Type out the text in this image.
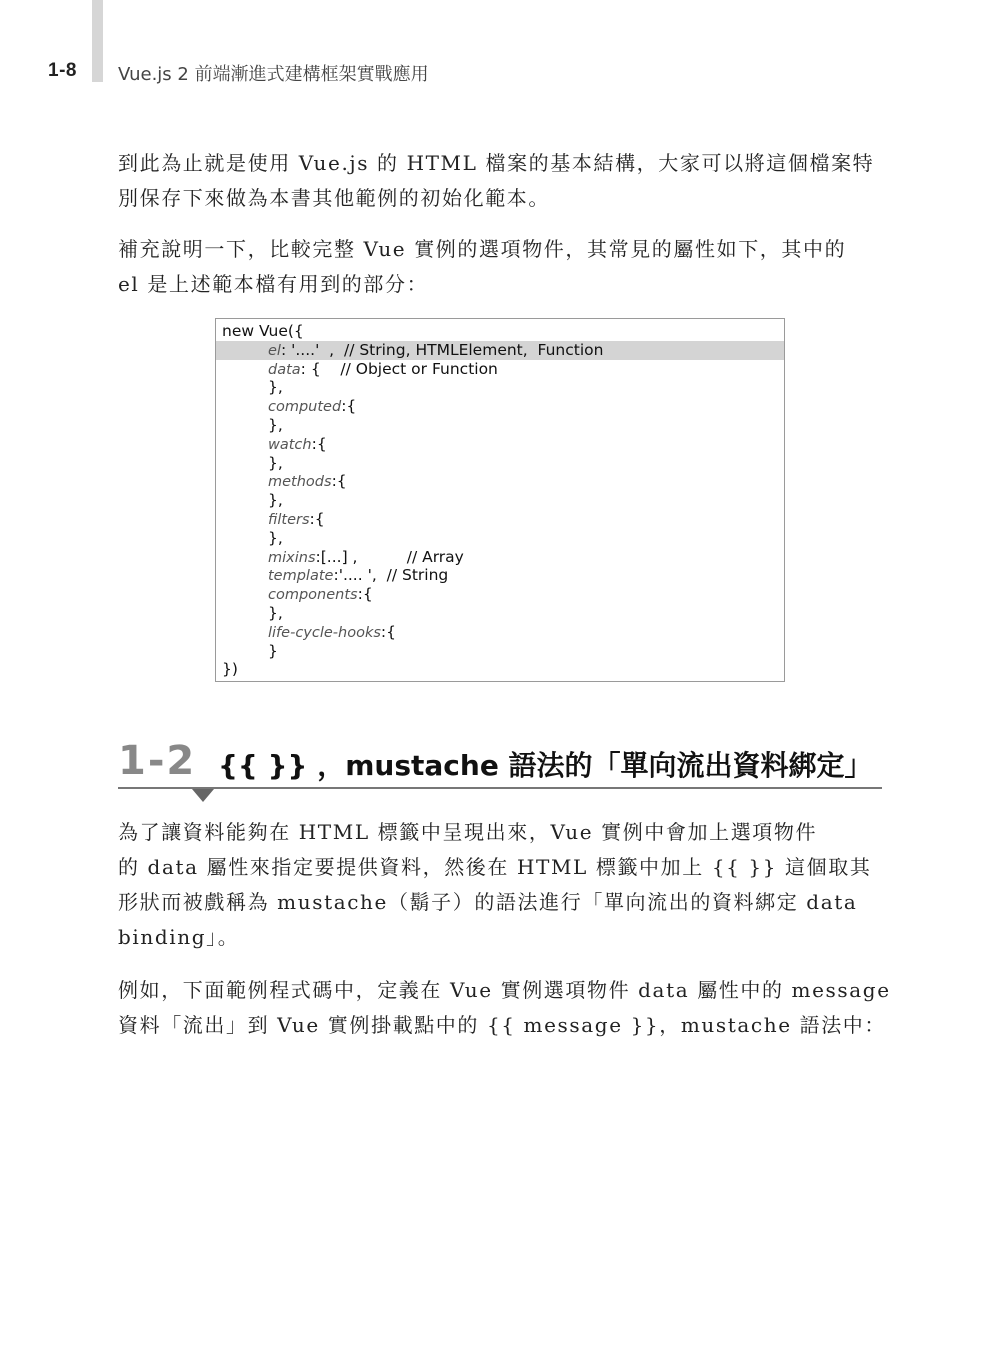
1-8 Vue.js 2 前端漸進式建構框架實戰應用

到此為止就是使用 Vue.js 的 HTML 檔案的基本結構，大家可以將這個檔案特
別保存下來做為本書其他範例的初始化範本。

補充說明一下，比較完整 Vue 實例的選項物件，其常見的屬性如下，其中的
el 是上述範本檔有用到的部分：

new Vue({
el: '....'  ,  // String, HTMLElement,  Function
data: {    // Object or Function
},
computed:{
},
watch:{
},
methods:{
},
filters:{
},
mixins:[...] ,          // Array
template:'.... ',  // String
components:{
},
life-cycle-hooks:{
}
})
1-2 {{ }} ，mustache 語法的「單向流出資料綁定」

為了讓資料能夠在 HTML 標籤中呈現出來，Vue 實例中會加上選項物件
的 data 屬性來指定要提供資料，然後在 HTML 標籤中加上 {{ }} 這個取其
形狀而被戲稱為 mustache（鬍子）的語法進行「單向流出的資料綁定 data
binding」。

例如，下面範例程式碼中，定義在 Vue 實例選項物件 data 屬性中的 message
資料「流出」到 Vue 實例掛載點中的 {{ message }}，mustache 語法中：
